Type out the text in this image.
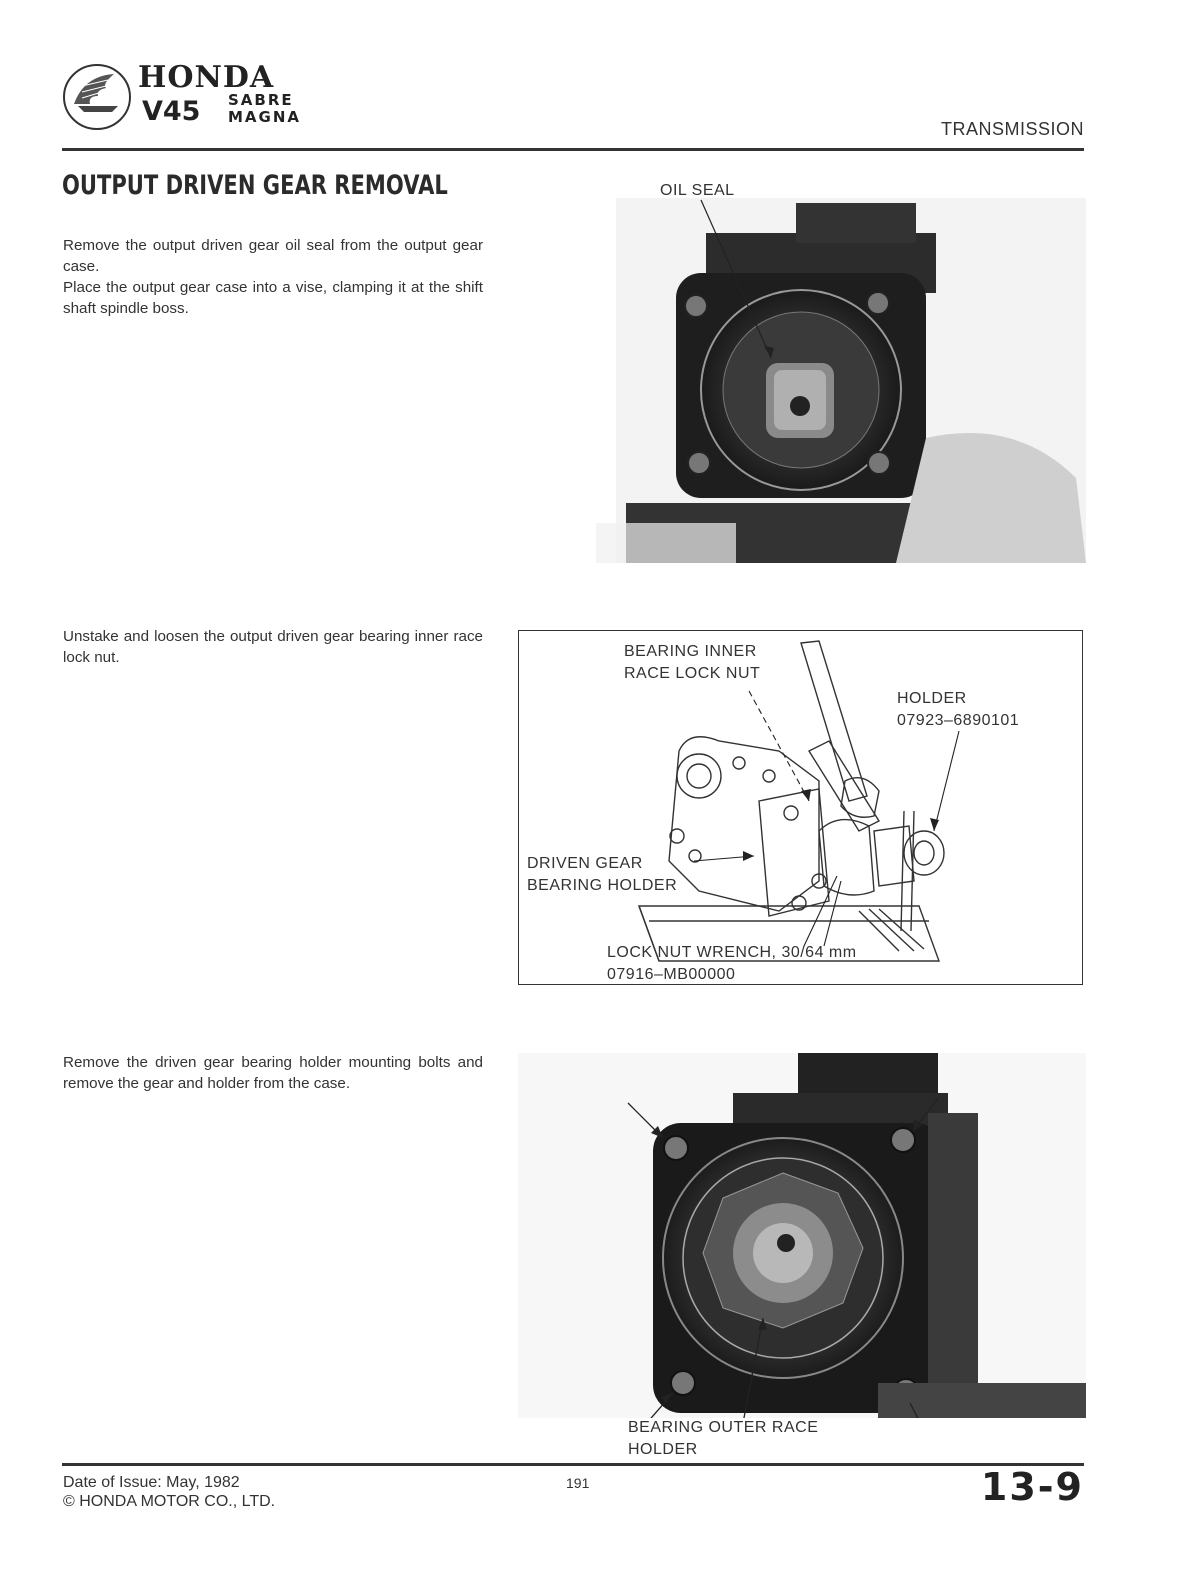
HONDA
V45 SABRE
MAGNA
TRANSMISSION
OUTPUT DRIVEN GEAR REMOVAL
Remove the output driven gear oil seal from the output gear case.
Place the output gear case into a vise, clamping it at the shift shaft spindle boss.
OIL SEAL
Unstake and loosen the output driven gear bearing inner race lock nut.	BEARING INNER
RACE LOCK NUT
HOLDER
07923–6890101
DRIVEN GEAR
BEARING HOLDER
LOCK NUT WRENCH, 30/64 mm
07916–MB00000
Remove the driven gear bearing holder mounting bolts and remove the gear and holder from the case.
BEARING OUTER RACE
HOLDER
Date of Issue: May, 1982
© HONDA MOTOR CO., LTD.
191	13-9
